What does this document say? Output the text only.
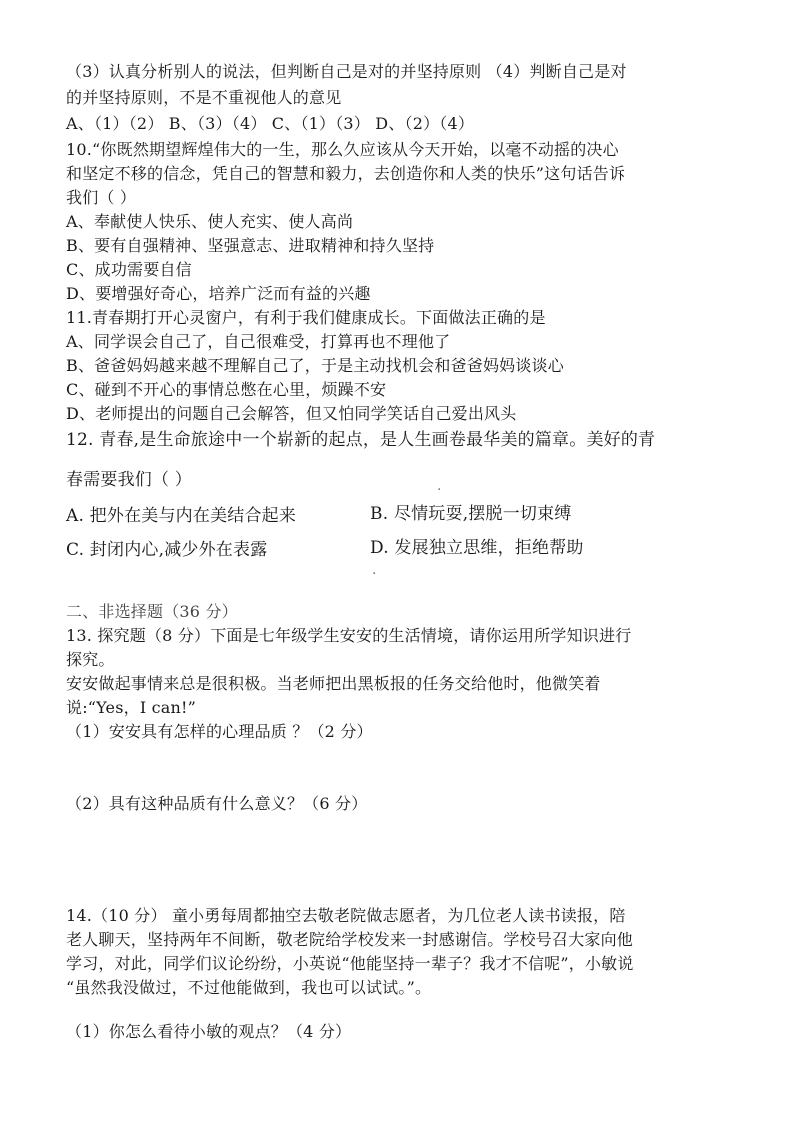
（3）认真分析别人的说法，但判断自己是对的并坚持原则 （4）判断自己是对
的并坚持原则，不是不重视他人的意见
A、（1）（2） B、（3）（4） C、（1）（3） D、（2）（4）
10.“你既然期望辉煌伟大的一生，那么久应该从今天开始，以毫不动摇的决心
和坚定不移的信念，凭自己的智慧和毅力，去创造你和人类的快乐”这句话告诉
我们（ ）
A、奉献使人快乐、使人充实、使人高尚
B、要有自强精神、坚强意志、进取精神和持久坚持
C、成功需要自信
D、要增强好奇心，培养广泛而有益的兴趣
11.青春期打开心灵窗户，有利于我们健康成长。下面做法正确的是
A、同学误会自己了，自己很难受，打算再也不理他了
B、爸爸妈妈越来越不理解自己了，于是主动找机会和爸爸妈妈谈谈心
C、碰到不开心的事情总憋在心里，烦躁不安
D、老师提出的问题自己会解答，但又怕同学笑话自己爱出风头
12. 青春,是生命旅途中一个崭新的起点，是人生画卷最华美的篇章。美好的青
春需要我们（ ）
A. 把外在美与内在美结合起来	B. 尽情玩耍,摆脱一切束缚
C. 封闭内心,减少外在表露	D. 发展独立思维，拒绝帮助
二、非选择题（36 分）
13. 探究题（8 分）下面是七年级学生安安的生活情境，请你运用所学知识进行
探究。
安安做起事情来总是很积极。当老师把出黑板报的任务交给他时，他微笑着
说:“Yes，I can!”
（1）安安具有怎样的心理品质 ？（2 分）
（2）具有这种品质有什么意义？（6 分）
14.（10 分） 童小勇每周都抽空去敬老院做志愿者，为几位老人读书读报，陪
老人聊天，坚持两年不间断，敬老院给学校发来一封感谢信。学校号召大家向他
学习，对此，同学们议论纷纷，小英说“他能坚持一辈子？我才不信呢”，小敏说
“虽然我没做过，不过他能做到，我也可以试试。”。
（1）你怎么看待小敏的观点？（4 分）
·
·
